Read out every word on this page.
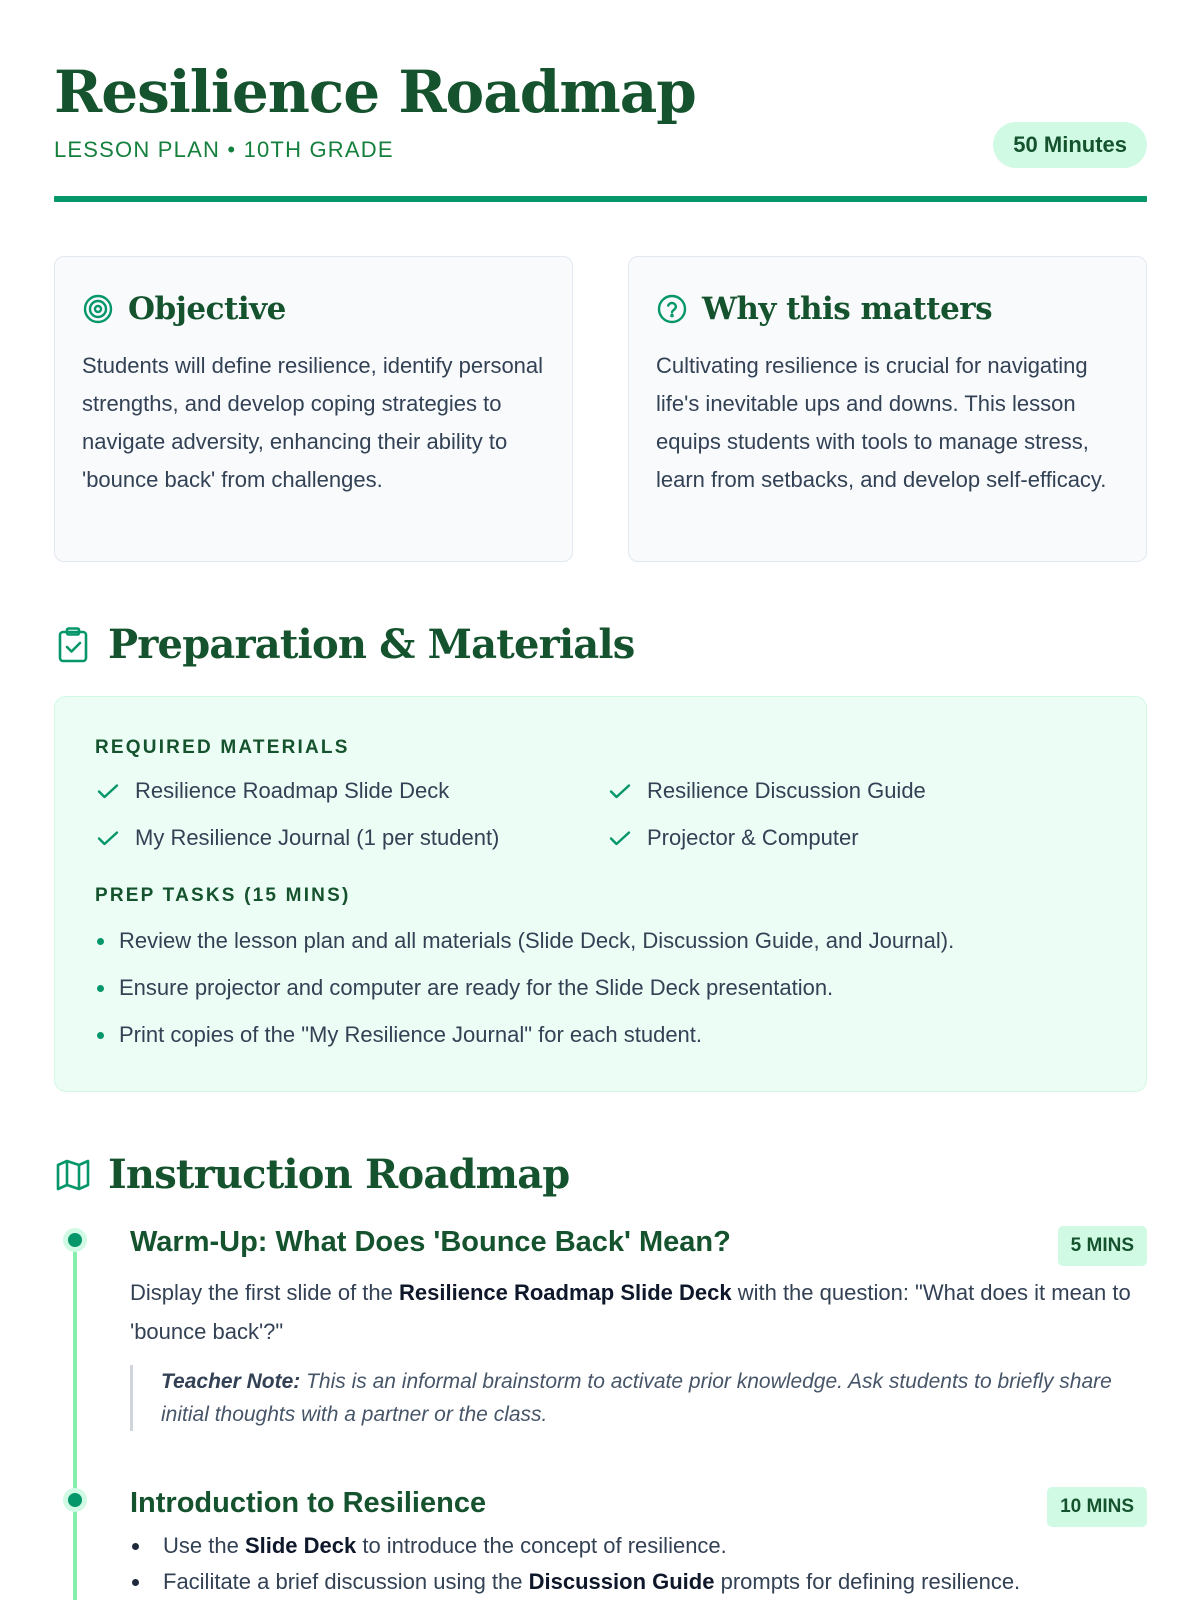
Resilience Roadmap
LESSON PLAN • 10TH GRADE	50 Minutes
Objective

Students will define resilience, identify personal strengths, and develop coping strategies to navigate adversity, enhancing their ability to 'bounce back' from challenges.

Why this matters

Cultivating resilience is crucial for navigating life's inevitable ups and downs. This lesson equips students with tools to manage stress, learn from setbacks, and develop self-efficacy.

Preparation & Materials
REQUIRED MATERIALS
Resilience Roadmap Slide Deck	Resilience Discussion Guide
My Resilience Journal (1 per student)	Projector & Computer
PREP TASKS (15 MINS)
Review the lesson plan and all materials (Slide Deck, Discussion Guide, and Journal).
Ensure projector and computer are ready for the Slide Deck presentation.
Print copies of the "My Resilience Journal" for each student.
Instruction Roadmap
Warm-Up: What Does 'Bounce Back' Mean?	5 MINS

Display the first slide of the Resilience Roadmap Slide Deck with the question: "What does it mean to 'bounce back'?"

Teacher Note: This is an informal brainstorm to activate prior knowledge. Ask students to briefly share initial thoughts with a partner or the class.
Introduction to Resilience	10 MINS
Use the Slide Deck to introduce the concept of resilience.
Facilitate a brief discussion using the Discussion Guide prompts for defining resilience.
